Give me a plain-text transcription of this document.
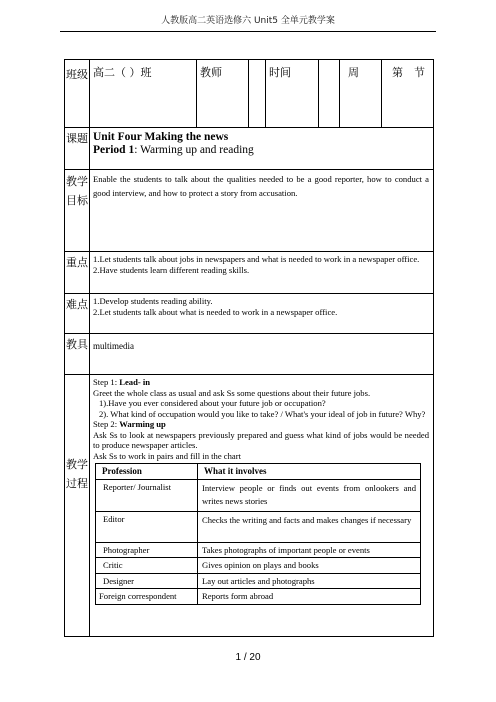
人教版高二英语选修六 Unit5 全单元教学案
班级	高二（ ）班	教师		时间		周	第　节
课题	Unit Four Making the news
Period 1: Warming up and reading

教学目标	Enable the students to talk about the qualities needed to be a good reporter, how to conduct a good interview, and how to protect a story from accusation.
重点	1.Let students talk about jobs in newspapers and what is needed to work in a newspaper office.
2.Have students learn different reading skills.

难点	1.Develop students reading ability.
2.Let students talk about what is needed to work in a newspaper office.

教具	multimedia
教学过程	
Step 1: Lead- in
Greet the whole class as usual and ask Ss some questions about their future jobs.
1).Have you ever considered about your future job or occupation?
2). What kind of occupation would you like to take? / What's your ideal of job in future? Why?
Step 2: Warming up
Ask Ss to look at newspapers previously prepared and guess what kind of jobs would be needed to produce newspaper articles.
Ask Ss to work in pairs and fill in the chart
Profession	What it involves
Reporter/ Journalist	Interview people or finds out events from onlookers and writes news stories
Editor	Checks the writing and facts and makes changes if necessary
Photographer	Takes photographs of important people or events
Critic	Gives opinion on plays and books
Designer	Lay out articles and photographs
Foreign correspondent	Reports form abroad
1 / 20
